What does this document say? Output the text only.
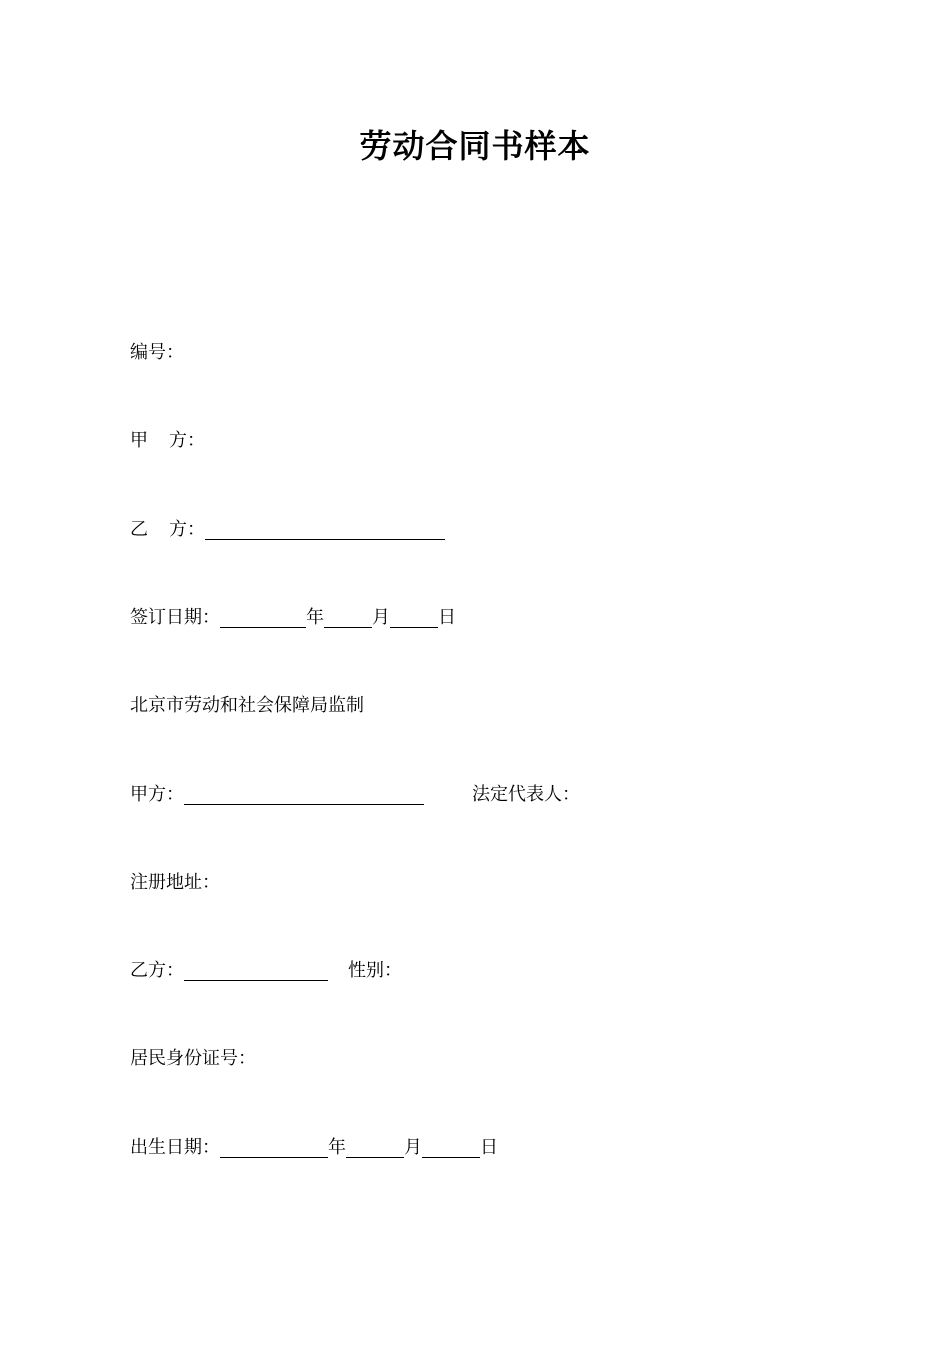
劳动合同书样本
编号：
甲 方：
乙 方：
签订日期：	年	月	日
北京市劳动和社会保障局监制
甲方：	法定代表人：
注册地址：
乙方：	性别：
居民身份证号：
出生日期：	年	月	日
